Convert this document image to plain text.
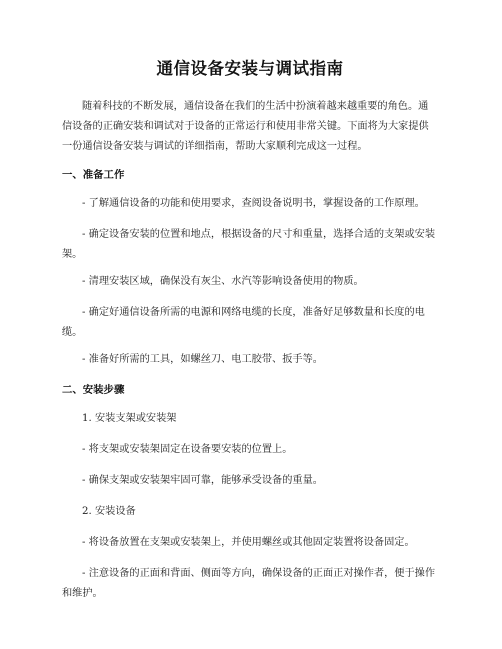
通信设备安装与调试指南

随着科技的不断发展，通信设备在我们的生活中扮演着越来越重要的角色。通信设备的正确安装和调试对于设备的正常运行和使用非常关键。下面将为大家提供一份通信设备安装与调试的详细指南，帮助大家顺利完成这一过程。

一、准备工作

- 了解通信设备的功能和使用要求，查阅设备说明书，掌握设备的工作原理。

- 确定设备安装的位置和地点，根据设备的尺寸和重量，选择合适的支架或安装架。

- 清理安装区域，确保没有灰尘、水汽等影响设备使用的物质。

- 确定好通信设备所需的电源和网络电缆的长度，准备好足够数量和长度的电缆。

- 准备好所需的工具，如螺丝刀、电工胶带、扳手等。

二、安装步骤

1. 安装支架或安装架

- 将支架或安装架固定在设备要安装的位置上。

- 确保支架或安装架牢固可靠，能够承受设备的重量。

2. 安装设备

- 将设备放置在支架或安装架上，并使用螺丝或其他固定装置将设备固定。

- 注意设备的正面和背面、侧面等方向，确保设备的正面正对操作者，便于操作和维护。
